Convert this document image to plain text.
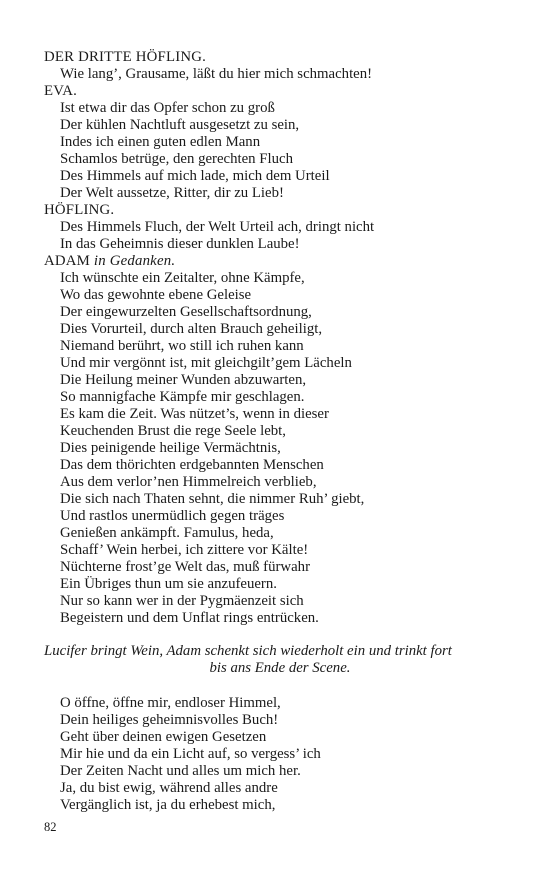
DER DRITTE HÖFLING.
Wie lang’, Grausame, läßt du hier mich schmachten!
EVA.
Ist etwa dir das Opfer schon zu groß
Der kühlen Nachtluft ausgesetzt zu sein,
Indes ich einen guten edlen Mann
Schamlos betrüge, den gerechten Fluch
Des Himmels auf mich lade, mich dem Urteil
Der Welt aussetze, Ritter, dir zu Lieb!
HÖFLING.
Des Himmels Fluch, der Welt Urteil ach, dringt nicht
In das Geheimnis dieser dunklen Laube!
ADAM in Gedanken.
Ich wünschte ein Zeitalter, ohne Kämpfe,
Wo das gewohnte ebene Geleise
Der eingewurzelten Gesellschaftsordnung,
Dies Vorurteil, durch alten Brauch geheiligt,
Niemand berührt, wo still ich ruhen kann
Und mir vergönnt ist, mit gleichgilt’gem Lächeln
Die Heilung meiner Wunden abzuwarten,
So mannigfache Kämpfe mir geschlagen.
Es kam die Zeit. Was nützet’s, wenn in dieser
Keuchenden Brust die rege Seele lebt,
Dies peinigende heilige Vermächtnis,
Das dem thörichten erdgebannten Menschen
Aus dem verlor’nen Himmelreich verblieb,
Die sich nach Thaten sehnt, die nimmer Ruh’ giebt,
Und rastlos unermüdlich gegen träges
Genießen ankämpft. Famulus, heda,
Schaff’ Wein herbei, ich zittere vor Kälte!
Nüchterne frost’ge Welt das, muß fürwahr
Ein Übriges thun um sie anzufeuern.
Nur so kann wer in der Pygmäenzeit sich
Begeistern und dem Unflat rings entrücken.
Lucifer bringt Wein, Adam schenkt sich wiederholt ein und trinkt fort
bis ans Ende der Scene.
O öffne, öffne mir, endloser Himmel,
Dein heiliges geheimnisvolles Buch!
Geht über deinen ewigen Gesetzen
Mir hie und da ein Licht auf, so vergess’ ich
Der Zeiten Nacht und alles um mich her.
Ja, du bist ewig, während alles andre
Vergänglich ist, ja du erhebest mich,
82
